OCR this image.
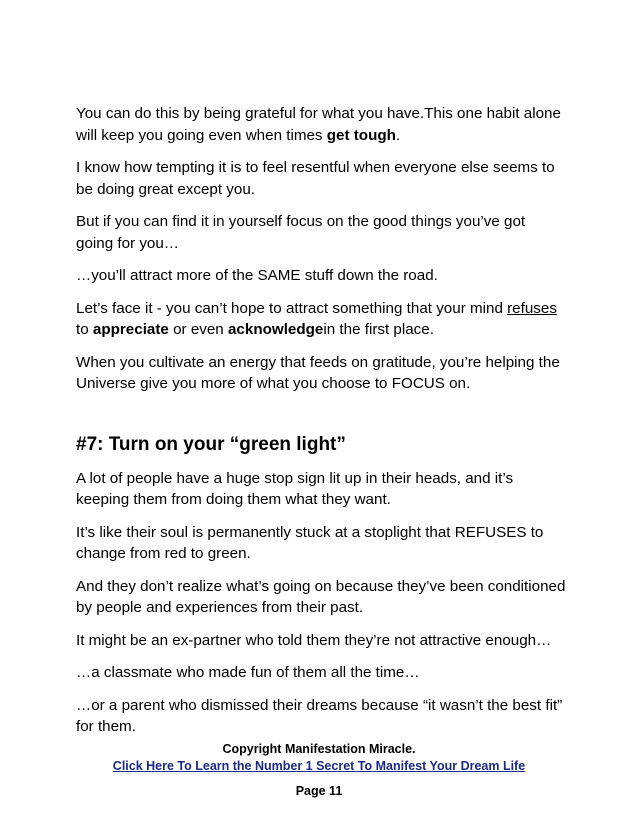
You can do this by being grateful for what you have.This one habit alone will keep you going even when times get tough.

I know how tempting it is to feel resentful when everyone else seems to be doing great except you.

But if you can find it in yourself focus on the good things you’ve got going for you…

…you’ll attract more of the SAME stuff down the road.

Let’s face it - you can’t hope to attract something that your mind refuses to appreciate or even acknowledgein the first place.

When you cultivate an energy that feeds on gratitude, you’re helping the Universe give you more of what you choose to FOCUS on.

#7: Turn on your “green light”

A lot of people have a huge stop sign lit up in their heads, and it’s keeping them from doing them what they want.

It’s like their soul is permanently stuck at a stoplight that REFUSES to change from red to green.

And they don’t realize what’s going on because they’ve been conditioned by people and experiences from their past.

It might be an ex-partner who told them they’re not attractive enough…

…a classmate who made fun of them all the time…

…or a parent who dismissed their dreams because “it wasn’t the best fit” for them.

Copyright Manifestation Miracle.
Click Here To Learn the Number 1 Secret To Manifest Your Dream Life
Page 11
